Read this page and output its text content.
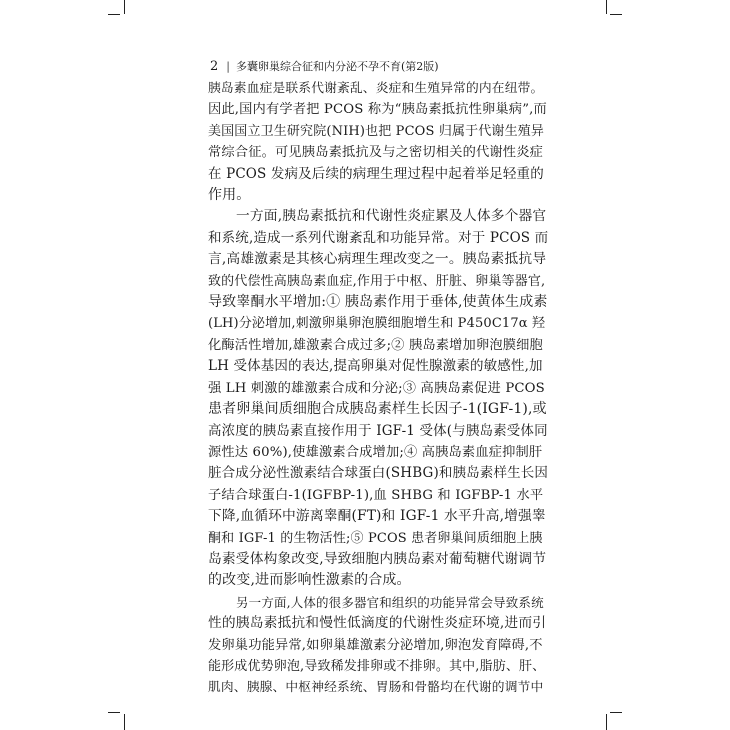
2 | 多囊卵巢综合征和内分泌不孕不育(第2版)
胰岛素血症是联系代谢紊乱、炎症和生殖异常的内在纽带。
因此,国内有学者把 PCOS 称为“胰岛素抵抗性卵巢病”,而
美国国立卫生研究院(NIH)也把 PCOS 归属于代谢生殖异
常综合征。可见胰岛素抵抗及与之密切相关的代谢性炎症
在 PCOS 发病及后续的病理生理过程中起着举足轻重的
作用。
一方面,胰岛素抵抗和代谢性炎症累及人体多个器官
和系统,造成一系列代谢紊乱和功能异常。对于 PCOS 而
言,高雄激素是其核心病理生理改变之一。胰岛素抵抗导
致的代偿性高胰岛素血症,作用于中枢、肝脏、卵巢等器官,
导致睾酮水平增加:① 胰岛素作用于垂体,使黄体生成素
(LH)分泌增加,刺激卵巢卵泡膜细胞增生和 P450C17α 羟
化酶活性增加,雄激素合成过多;② 胰岛素增加卵泡膜细胞
LH 受体基因的表达,提高卵巢对促性腺激素的敏感性,加
强 LH 刺激的雄激素合成和分泌;③ 高胰岛素促进 PCOS
患者卵巢间质细胞合成胰岛素样生长因子-1(IGF-1),或
高浓度的胰岛素直接作用于 IGF-1 受体(与胰岛素受体同
源性达 60%),使雄激素合成增加;④ 高胰岛素血症抑制肝
脏合成分泌性激素结合球蛋白(SHBG)和胰岛素样生长因
子结合球蛋白-1(IGFBP-1),血 SHBG 和 IGFBP-1 水平
下降,血循环中游离睾酮(FT)和 IGF-1 水平升高,增强睾
酮和 IGF-1 的生物活性;⑤ PCOS 患者卵巢间质细胞上胰
岛素受体构象改变,导致细胞内胰岛素对葡萄糖代谢调节
的改变,进而影响性激素的合成。
另一方面,人体的很多器官和组织的功能异常会导致系统
性的胰岛素抵抗和慢性低滴度的代谢性炎症环境,进而引
发卵巢功能异常,如卵巢雄激素分泌增加,卵泡发育障碍,不
能形成优势卵泡,导致稀发排卵或不排卵。其中,脂肪、肝、
肌肉、胰腺、中枢神经系统、胃肠和骨骼均在代谢的调节中
